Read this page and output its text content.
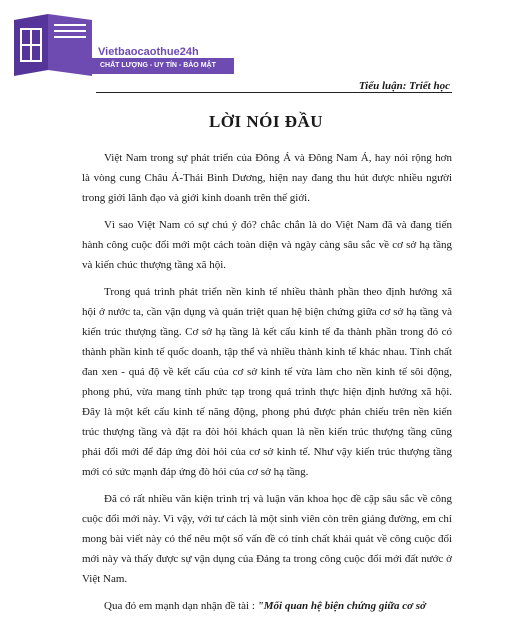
Vietbaocaothue24h

CHẤT LƯỢNG - UY TÍN - BẢO MẬT

Tiểu luận: Triết học

LỜI NÓI ĐẦU

Việt Nam trong sự phát triển của Đông Á và Đông Nam Á, hay nói rộng hơn là vòng cung Châu Á-Thái Bình Dương, hiện nay đang thu hút được nhiều người trong giới lãnh đạo và giới kinh doanh trên thế giới.

Vì sao Việt Nam có sự chú ý đó? chắc chắn là do Việt Nam đã và đang tiến hành công cuộc đổi mới một cách toàn diện và ngày càng sâu sắc về cơ sở hạ tầng và kiến chúc thượng tầng xã hội.

Trong quá trình phát triển nền kinh tế nhiều thành phần theo định hướng xã hội ở nước ta, cần vận dụng và quán triệt quan hệ biện chứng giữa cơ sở hạ tầng và kiến trúc thượng tầng. Cơ sở hạ tầng là kết cấu kinh tế đa thành phần trong đó có thành phần kinh tế quốc doanh, tập thể và nhiều thành kinh tế khác nhau. Tính chất đan xen - quá độ về kết cấu của cơ sở kinh tế vừa làm cho nền kinh tế sôi động, phong phú, vừa mang tính phức tạp trong quá trình thực hiện định hướng xã hội. Đây là một kết cấu kinh tế năng động, phong phú được phản chiếu trên nền kiến trúc thượng tầng và đặt ra đòi hỏi khách quan là nền kiến trúc thượng tầng cũng phải đổi mới để đáp ứng đòi hỏi của cơ sở kinh tế. Như vậy kiến trúc thượng tầng mới có sức mạnh đáp ứng đò hỏi của cơ sở hạ tầng.

Đã có rất nhiều văn kiện trình trị và luận văn khoa học đề cập sâu sắc về công cuộc đổi mới này. Vì vậy, với tư cách là một sinh viên còn trên giảng đường, em chỉ mong bài viết này có thể nêu một số vấn đề có tính chất khái quát về công cuộc đổi mới này và thấy được sự vận dụng của Đảng ta trong công cuộc đổi mới đất nước ở Việt Nam.

Qua đó em mạnh dạn nhận đề tài : "Mối quan hệ biện chứng giữa cơ sở
